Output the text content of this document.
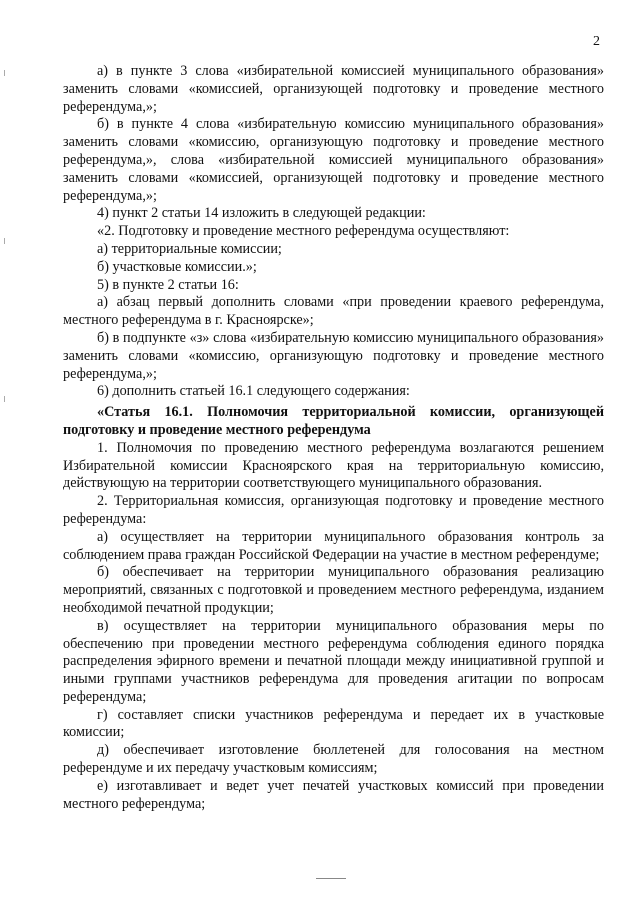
2

а) в пункте 3 слова «избирательной комиссией муниципального образования» заменить словами «комиссией, организующей подготовку и проведение местного референдума,»;

б) в пункте 4 слова «избирательную комиссию муниципального образования» заменить словами «комиссию, организующую подготовку и проведение местного референдума,», слова «избирательной комиссией муниципального образования» заменить словами «комиссией, организующей подготовку и проведение местного референдума,»;

4) пункт 2 статьи 14 изложить в следующей редакции:

«2. Подготовку и проведение местного референдума осуществляют:

а) территориальные комиссии;

б) участковые комиссии.»;

5) в пункте 2 статьи 16:

а) абзац первый дополнить словами «при проведении краевого референдума, местного референдума в г. Красноярске»;

б) в подпункте «з» слова «избирательную комиссию муниципального образования» заменить словами «комиссию, организующую подготовку и проведение местного референдума,»;

6) дополнить статьей 16.1 следующего содержания:

«Статья 16.1. Полномочия территориальной комиссии, организующей подготовку и проведение местного референдума

1. Полномочия по проведению местного референдума возлагаются решением Избирательной комиссии Красноярского края на территориальную комиссию, действующую на территории соответствующего муниципального образования.

2. Территориальная комиссия, организующая подготовку и проведение местного референдума:

а) осуществляет на территории муниципального образования контроль за соблюдением права граждан Российской Федерации на участие в местном референдуме;

б) обеспечивает на территории муниципального образования реализацию мероприятий, связанных с подготовкой и проведением местного референдума, изданием необходимой печатной продукции;

в) осуществляет на территории муниципального образования меры по обеспечению при проведении местного референдума соблюдения единого порядка распределения эфирного времени и печатной площади между инициативной группой и иными группами участников референдума для проведения агитации по вопросам референдума;

г) составляет списки участников референдума и передает их в участковые комиссии;

д) обеспечивает изготовление бюллетеней для голосования на местном референдуме и их передачу участковым комиссиям;

е) изготавливает и ведет учет печатей участковых комиссий при проведении местного референдума;
